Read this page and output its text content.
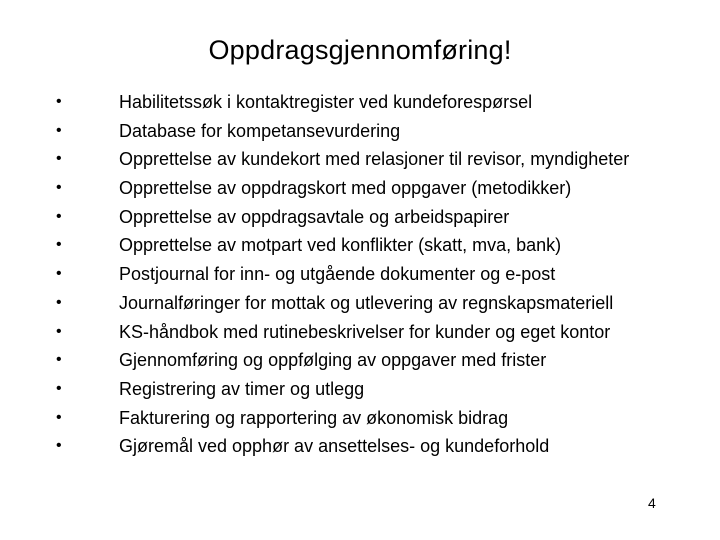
Oppdragsgjennomføring!
•	Habilitetssøk i kontaktregister ved kundeforespørsel
•	Database for kompetansevurdering
•	Opprettelse av kundekort med relasjoner til revisor, myndigheter
•	Opprettelse av oppdragskort med oppgaver (metodikker)
•	Opprettelse av oppdragsavtale og arbeidspapirer
•	Opprettelse av motpart ved konflikter (skatt, mva, bank)
•	Postjournal for inn- og utgående dokumenter og e-post
•	Journalføringer for mottak og utlevering av regnskapsmateriell
•	KS-håndbok med rutinebeskrivelser for kunder og eget kontor
•	Gjennomføring og oppfølging av oppgaver med frister
•	Registrering av timer og utlegg
•	Fakturering og rapportering av økonomisk bidrag
•	Gjøremål ved opphør av ansettelses- og kundeforhold
4
